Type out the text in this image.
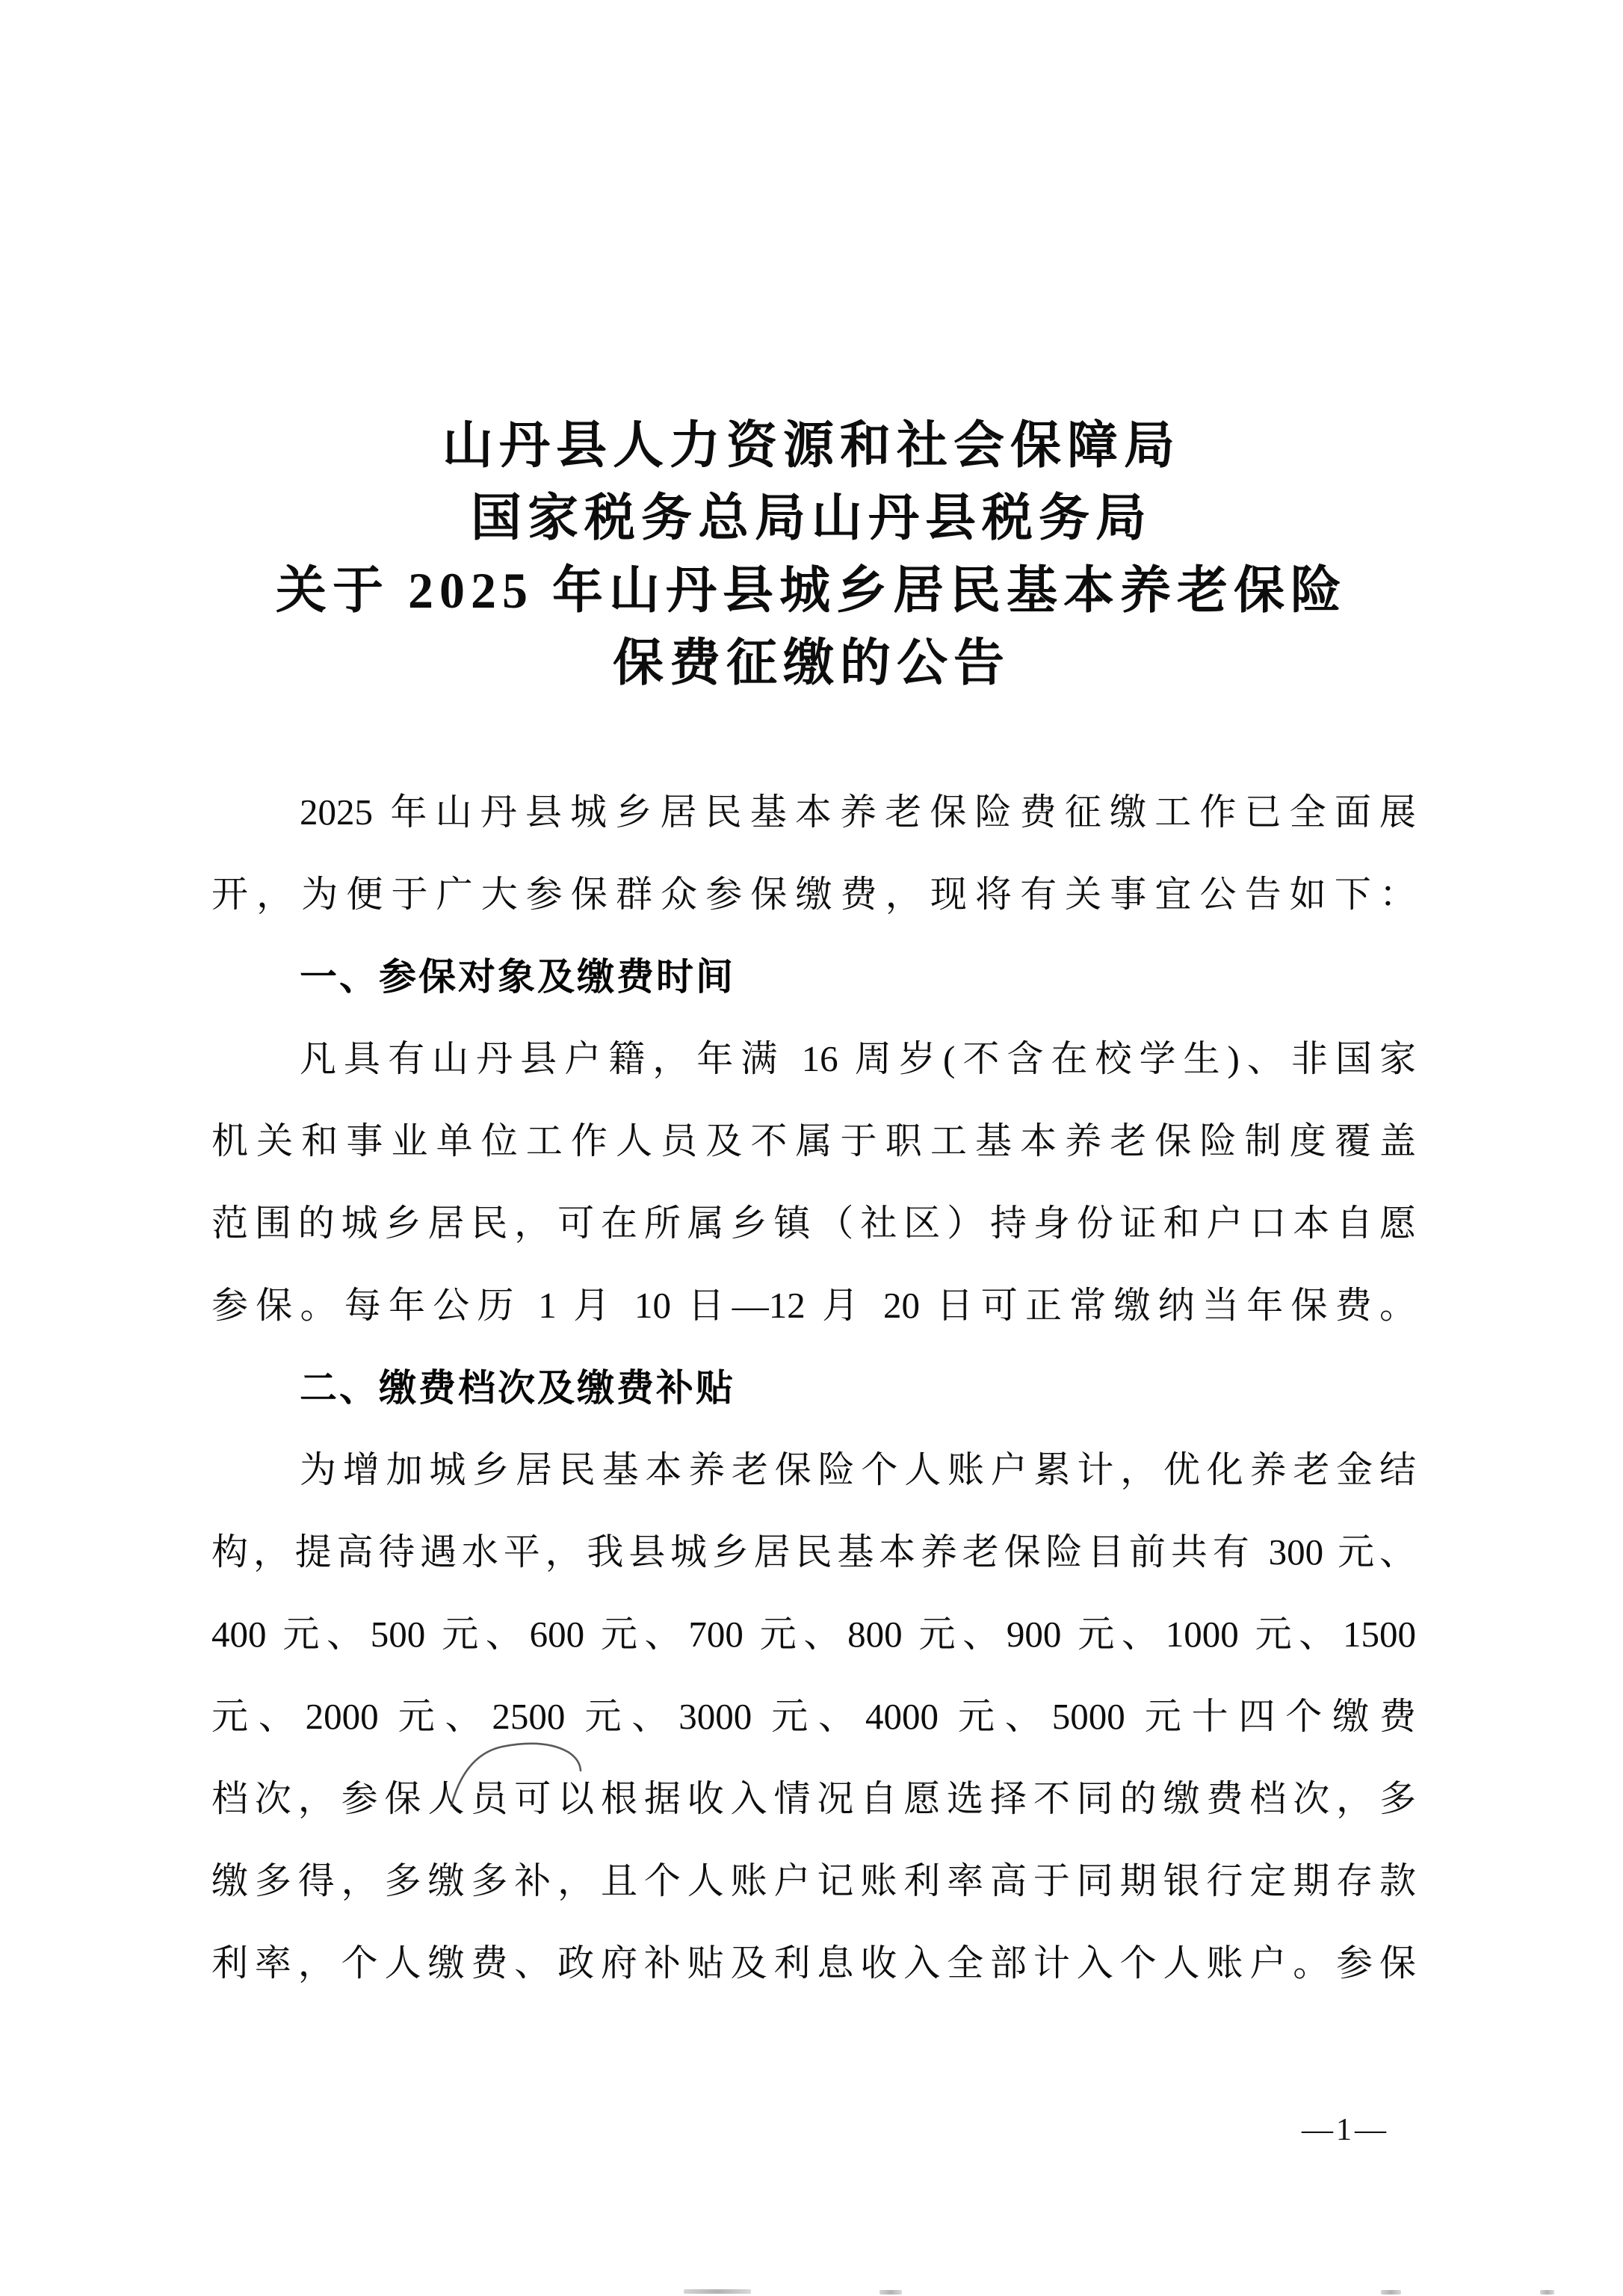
山丹县人力资源和社会保障局
国家税务总局山丹县税务局
关于 2025 年山丹县城乡居民基本养老保险
保费征缴的公告
2025 年山丹县城乡居民基本养老保险费征缴工作已全面展
开，为便于广大参保群众参保缴费，现将有关事宜公告如下：
一、参保对象及缴费时间
凡具有山丹县户籍，年满 16 周岁(不含在校学生)、非国家
机关和事业单位工作人员及不属于职工基本养老保险制度覆盖
范围的城乡居民，可在所属乡镇（社区）持身份证和户口本自愿
参保。每年公历 1 月 10 日—12 月 20 日可正常缴纳当年保费。
二、缴费档次及缴费补贴
为增加城乡居民基本养老保险个人账户累计，优化养老金结
构，提高待遇水平，我县城乡居民基本养老保险目前共有 300 元、
400 元、500 元、600 元、700 元、800 元、900 元、1000 元、1500
元、2000 元、2500 元、3000 元、4000 元、5000 元十四个缴费
档次，参保人员可以根据收入情况自愿选择不同的缴费档次，多
缴多得，多缴多补，且个人账户记账利率高于同期银行定期存款
利率，个人缴费、政府补贴及利息收入全部计入个人账户。参保
—1—
